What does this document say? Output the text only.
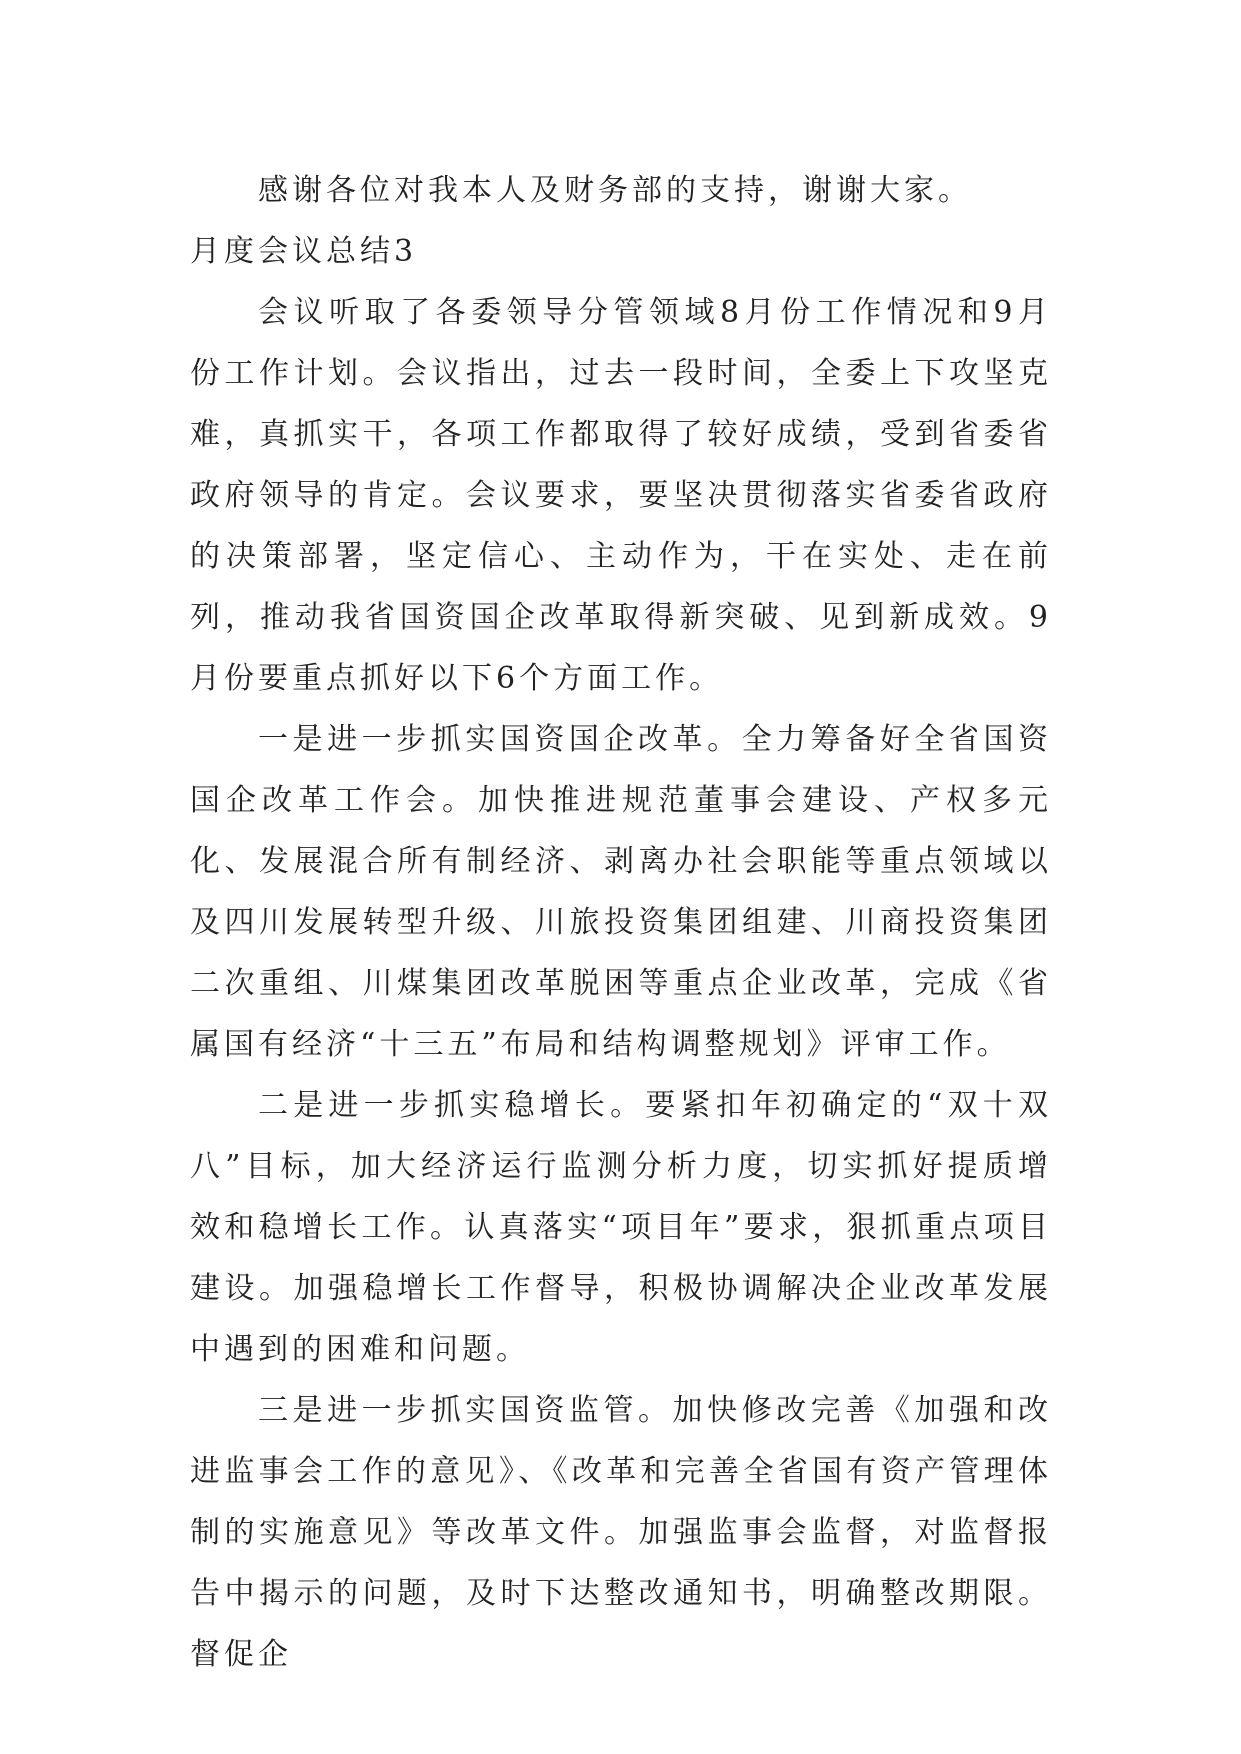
感谢各位对我本人及财务部的支持，谢谢大家。

月度会议总结3

会议听取了各委领导分管领域8月份工作情况和9月份工作计划。会议指出，过去一段时间，全委上下攻坚克难，真抓实干，各项工作都取得了较好成绩，受到省委省政府领导的肯定。会议要求，要坚决贯彻落实省委省政府的决策部署，坚定信心、主动作为，干在实处、走在前列，推动我省国资国企改革取得新突破、见到新成效。9月份要重点抓好以下6个方面工作。

一是进一步抓实国资国企改革。全力筹备好全省国资国企改革工作会。加快推进规范董事会建设、产权多元化、发展混合所有制经济、剥离办社会职能等重点领域以及四川发展转型升级、川旅投资集团组建、川商投资集团二次重组、川煤集团改革脱困等重点企业改革，完成《省属国有经济“十三五”布局和结构调整规划》评审工作。

二是进一步抓实稳增长。要紧扣年初确定的“双十双八”目标，加大经济运行监测分析力度，切实抓好提质增效和稳增长工作。认真落实“项目年”要求，狠抓重点项目建设。加强稳增长工作督导，积极协调解决企业改革发展中遇到的困难和问题。

三是进一步抓实国资监管。加快修改完善《加强和改进监事会工作的意见》、《改革和完善全省国有资产管理体制的实施意见》等改革文件。加强监事会监督，对监督报告中揭示的问题，及时下达整改通知书，明确整改期限。督促企
